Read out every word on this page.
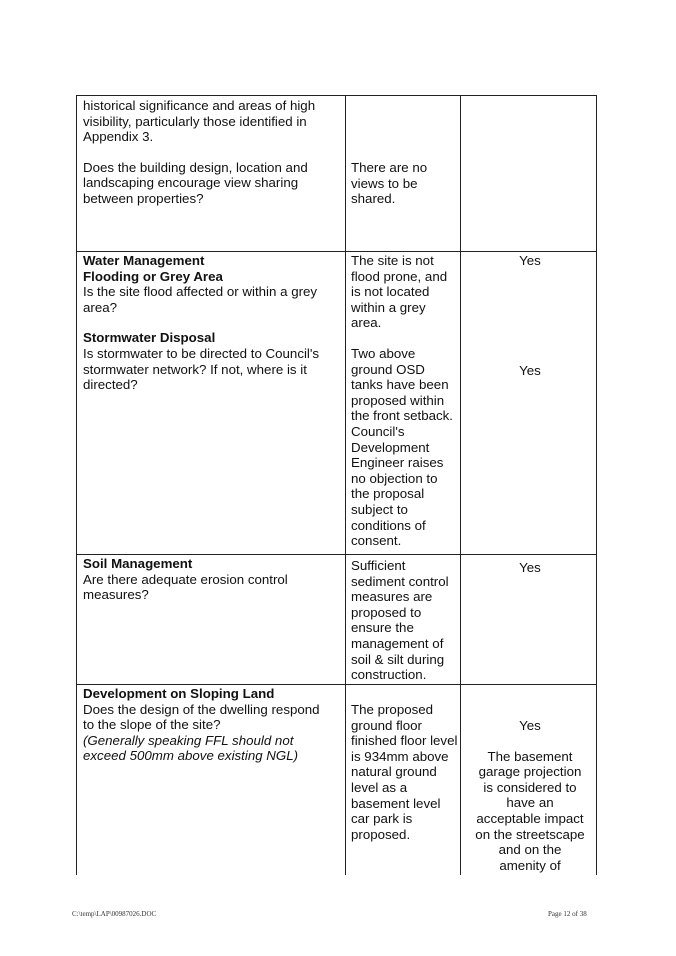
historical significance and areas of high
visibility, particularly those identified in
Appendix 3.

Does the building design, location and
landscaping encourage view sharing
between properties?

There are no
views to be
shared.

Water Management

Flooding or Grey Area

Is the site flood affected or within a grey
area?

Stormwater Disposal

Is stormwater to be directed to Council's
stormwater network? If not, where is it
directed?

The site is not
flood prone, and
is not located
within a grey
area.

Two above
ground OSD
tanks have been
proposed within
the front setback.
Council's
Development
Engineer raises
no objection to
the proposal
subject to
conditions of
consent.

Yes

Yes

Soil Management

Are there adequate erosion control
measures?

Sufficient
sediment control
measures are
proposed to
ensure the
management of
soil & silt during
construction.

Yes

Development on Sloping Land

Does the design of the dwelling respond
to the slope of the site?

(Generally speaking FFL should not
exceed 500mm above existing NGL)

The proposed
ground floor
finished floor level
is 934mm above
natural ground
level as a
basement level
car park is
proposed.

Yes

The basement
garage projection
is considered to
have an
acceptable impact
on the streetscape
and on the
amenity of

C:\temp\LAP\00987026.DOC	Page 12 of 38
